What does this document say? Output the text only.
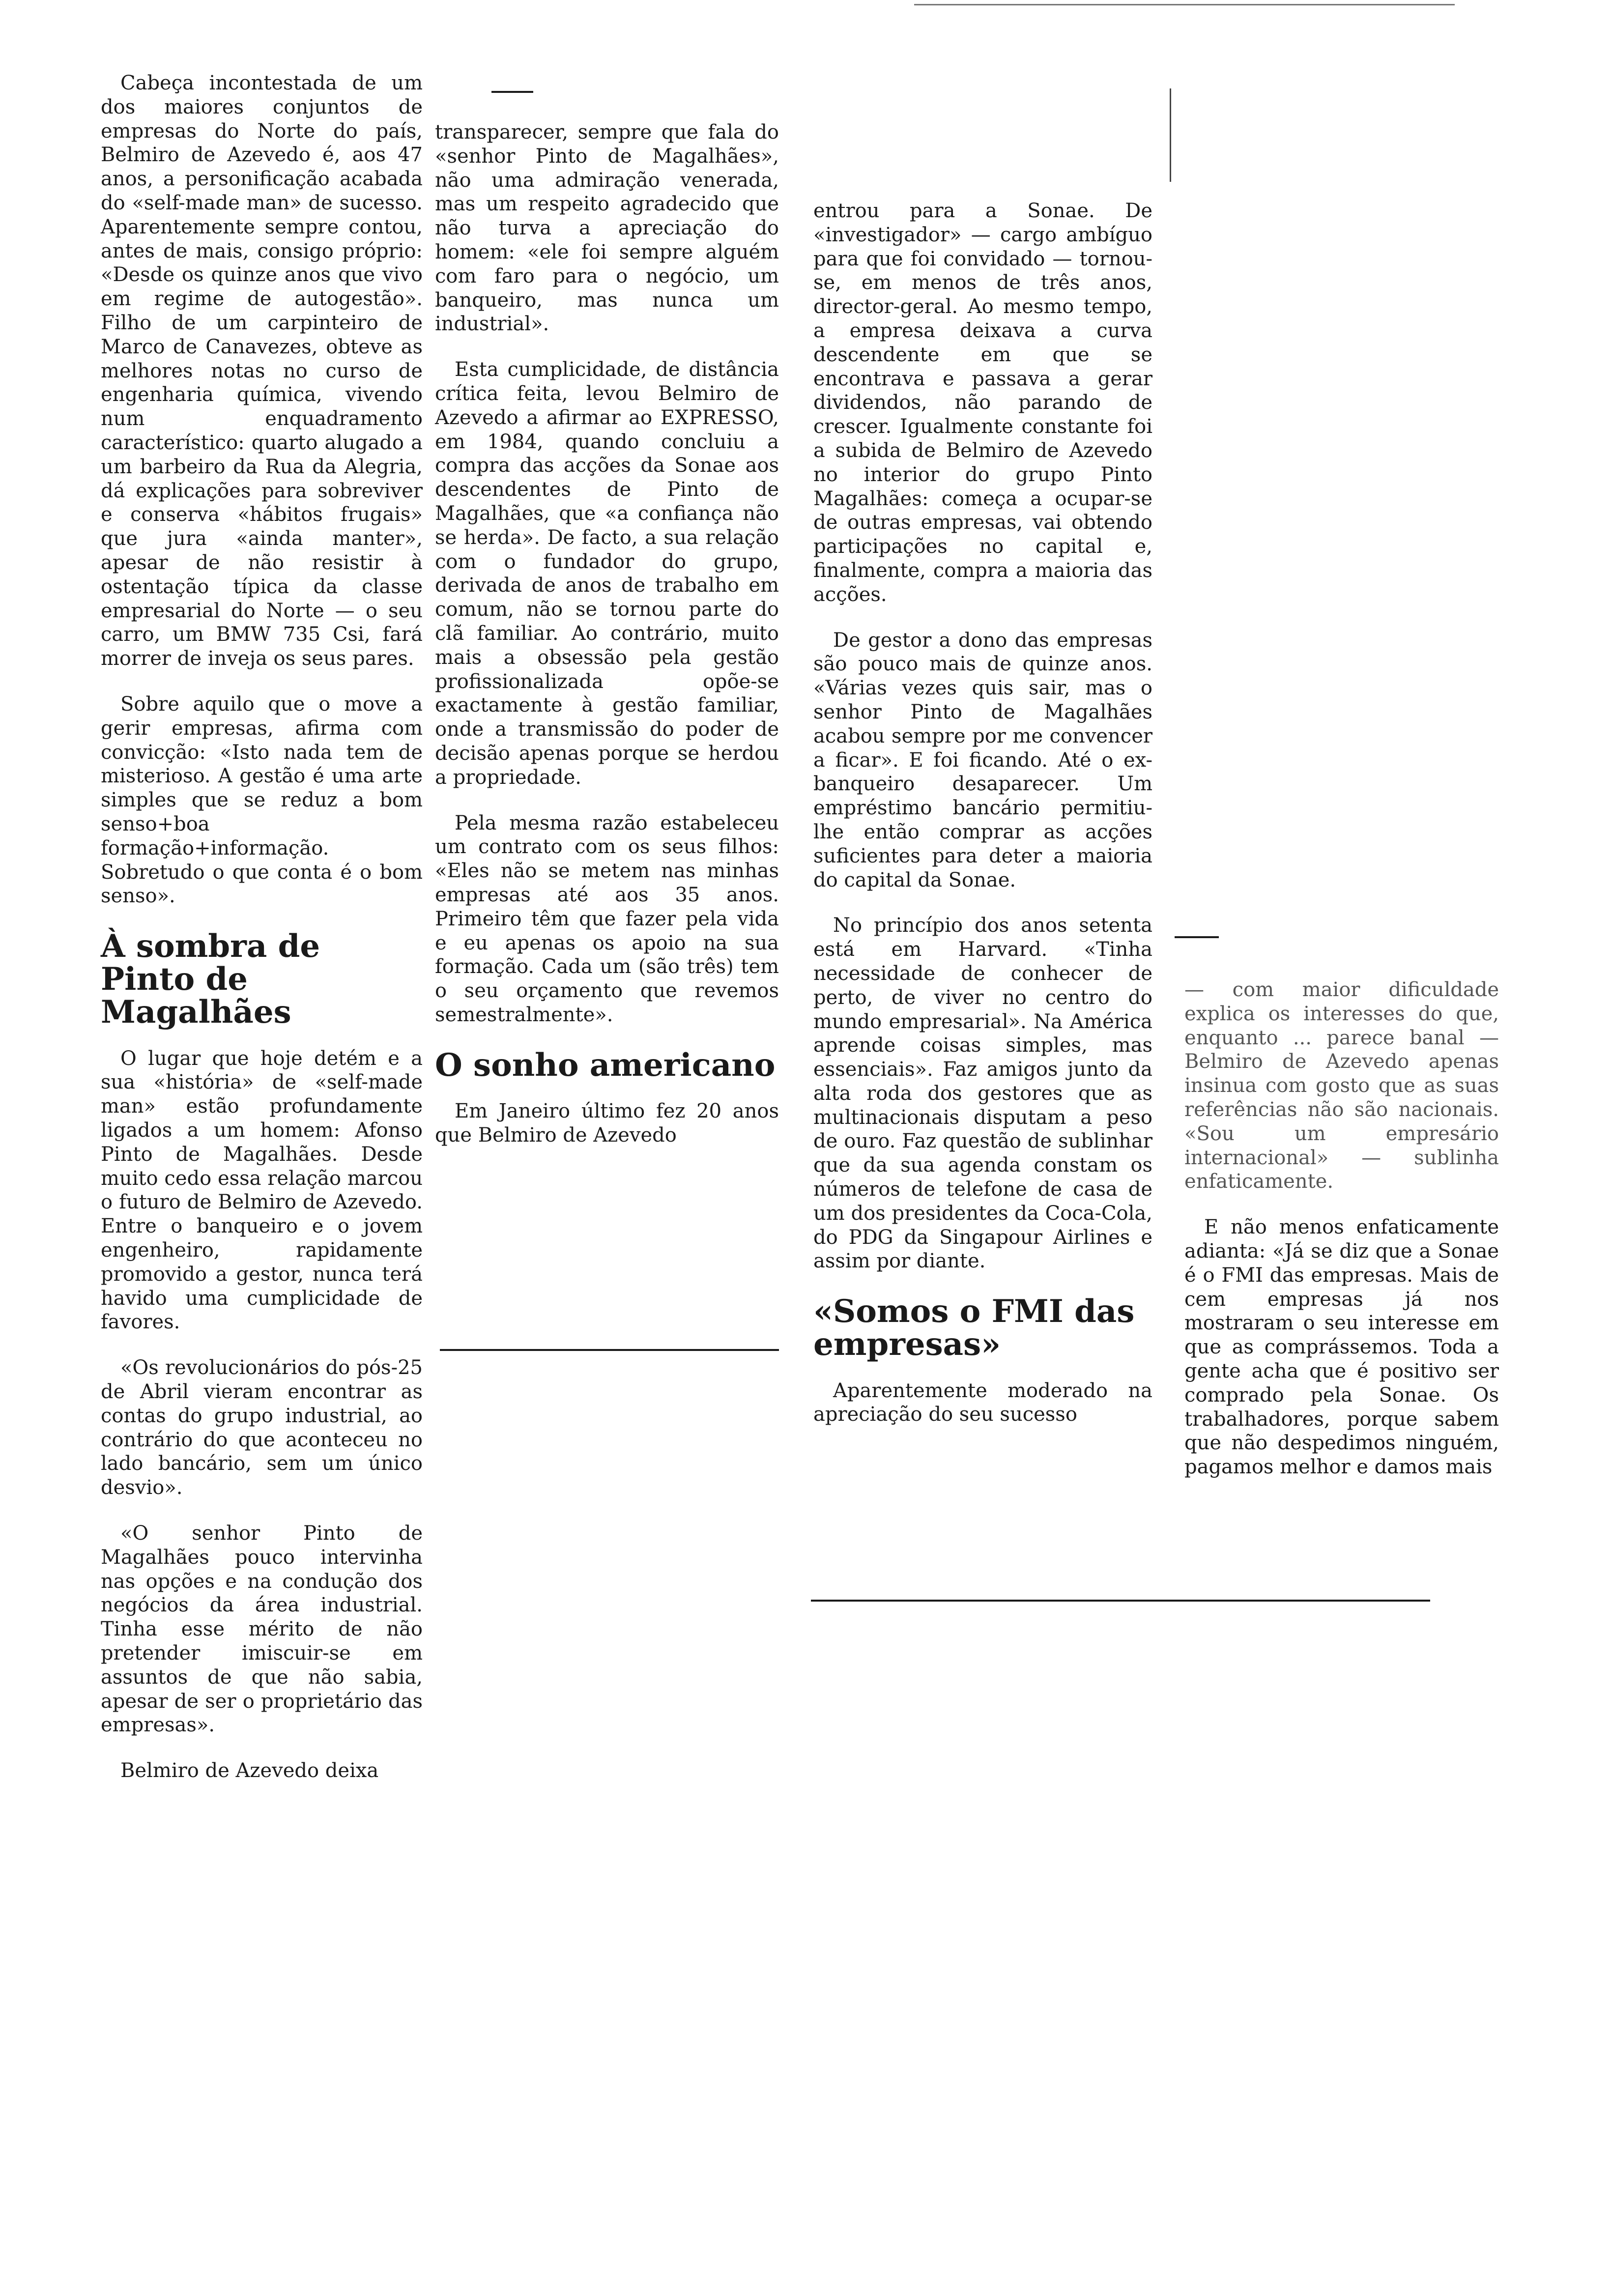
Cabeça incontestada de um dos maiores conjuntos de empresas do Norte do país, Belmiro de Azevedo é, aos 47 anos, a personificação acabada do «self-made man» de sucesso. Aparentemente sempre contou, antes de mais, consigo próprio: «Desde os quinze anos que vivo em regime de autogestão». Filho de um carpinteiro de Marco de Canavezes, obteve as melhores notas no curso de engenharia química, vivendo num enquadramento característico: quarto alugado a um barbeiro da Rua da Alegria, dá explicações para sobreviver e conserva «hábitos frugais» que jura «ainda manter», apesar de não resistir à ostentação típica da classe empresarial do Norte — o seu carro, um BMW 735 Csi, fará morrer de inveja os seus pares.

Sobre aquilo que o move a gerir empresas, afirma com convicção: «Isto nada tem de misterioso. A gestão é uma arte simples que se reduz a bom senso+boa formação+informação. Sobretudo o que conta é o bom senso».

À sombra de Pinto de Magalhães

O lugar que hoje detém e a sua «história» de «self-made man» estão profundamente ligados a um homem: Afonso Pinto de Magalhães. Desde muito cedo essa relação marcou o futuro de Belmiro de Azevedo. Entre o banqueiro e o jovem engenheiro, rapidamente promovido a gestor, nunca terá havido uma cumplicidade de favores.

«Os revolucionários do pós-25 de Abril vieram encontrar as contas do grupo industrial, ao contrário do que aconteceu no lado bancário, sem um único desvio».

«O senhor Pinto de Magalhães pouco intervinha nas opções e na condução dos negócios da área industrial. Tinha esse mérito de não pretender imiscuir-se em assuntos de que não sabia, apesar de ser o proprietário das empresas».

Belmiro de Azevedo deixa

transparecer, sempre que fala do «senhor Pinto de Magalhães», não uma admiração venerada, mas um respeito agradecido que não turva a apreciação do homem: «ele foi sempre alguém com faro para o negócio, um banqueiro, mas nunca um industrial».

Esta cumplicidade, de distância crítica feita, levou Belmiro de Azevedo a afirmar ao EXPRESSO, em 1984, quando concluiu a compra das acções da Sonae aos descendentes de Pinto de Magalhães, que «a confiança não se herda». De facto, a sua relação com o fundador do grupo, derivada de anos de trabalho em comum, não se tornou parte do clã familiar. Ao contrário, muito mais a obsessão pela gestão profissionalizada opõe-se exactamente à gestão familiar, onde a transmissão do poder de decisão apenas porque se herdou a propriedade.

Pela mesma razão estabeleceu um contrato com os seus filhos: «Eles não se metem nas minhas empresas até aos 35 anos. Primeiro têm que fazer pela vida e eu apenas os apoio na sua formação. Cada um (são três) tem o seu orçamento que revemos semestralmente».

O sonho americano

Em Janeiro último fez 20 anos que Belmiro de Azevedo

entrou para a Sonae. De «investigador» — cargo ambíguo para que foi convidado — tornou-se, em menos de três anos, director-geral. Ao mesmo tempo, a empresa deixava a curva descendente em que se encontrava e passava a gerar dividendos, não parando de crescer. Igualmente constante foi a subida de Belmiro de Azevedo no interior do grupo Pinto Magalhães: começa a ocupar-se de outras empresas, vai obtendo participações no capital e, finalmente, compra a maioria das acções.

De gestor a dono das empresas são pouco mais de quinze anos. «Várias vezes quis sair, mas o senhor Pinto de Magalhães acabou sempre por me convencer a ficar». E foi ficando. Até o ex-banqueiro desaparecer. Um empréstimo bancário permitiu-lhe então comprar as acções suficientes para deter a maioria do capital da Sonae.

No princípio dos anos setenta está em Harvard. «Tinha necessidade de conhecer de perto, de viver no centro do mundo empresarial». Na América aprende coisas simples, mas essenciais». Faz amigos junto da alta roda dos gestores que as multinacionais disputam a peso de ouro. Faz questão de sublinhar que da sua agenda constam os números de telefone de casa de um dos presidentes da Coca-Cola, do PDG da Singapour Airlines e assim por diante.

«Somos o FMI das empresas»

Aparentemente moderado na apreciação do seu sucesso

— com maior dificuldade explica os interesses do que, enquanto ... parece banal — Belmiro de Azevedo apenas insinua com gosto que as suas referências não são nacionais. «Sou um empresário internacional» — sublinha enfaticamente.

E não menos enfaticamente adianta: «Já se diz que a Sonae é o FMI das empresas. Mais de cem empresas já nos mostraram o seu interesse em que as comprássemos. Toda a gente acha que é positivo ser comprado pela Sonae. Os trabalhadores, porque sabem que não despedimos ninguém, pagamos melhor e damos mais
